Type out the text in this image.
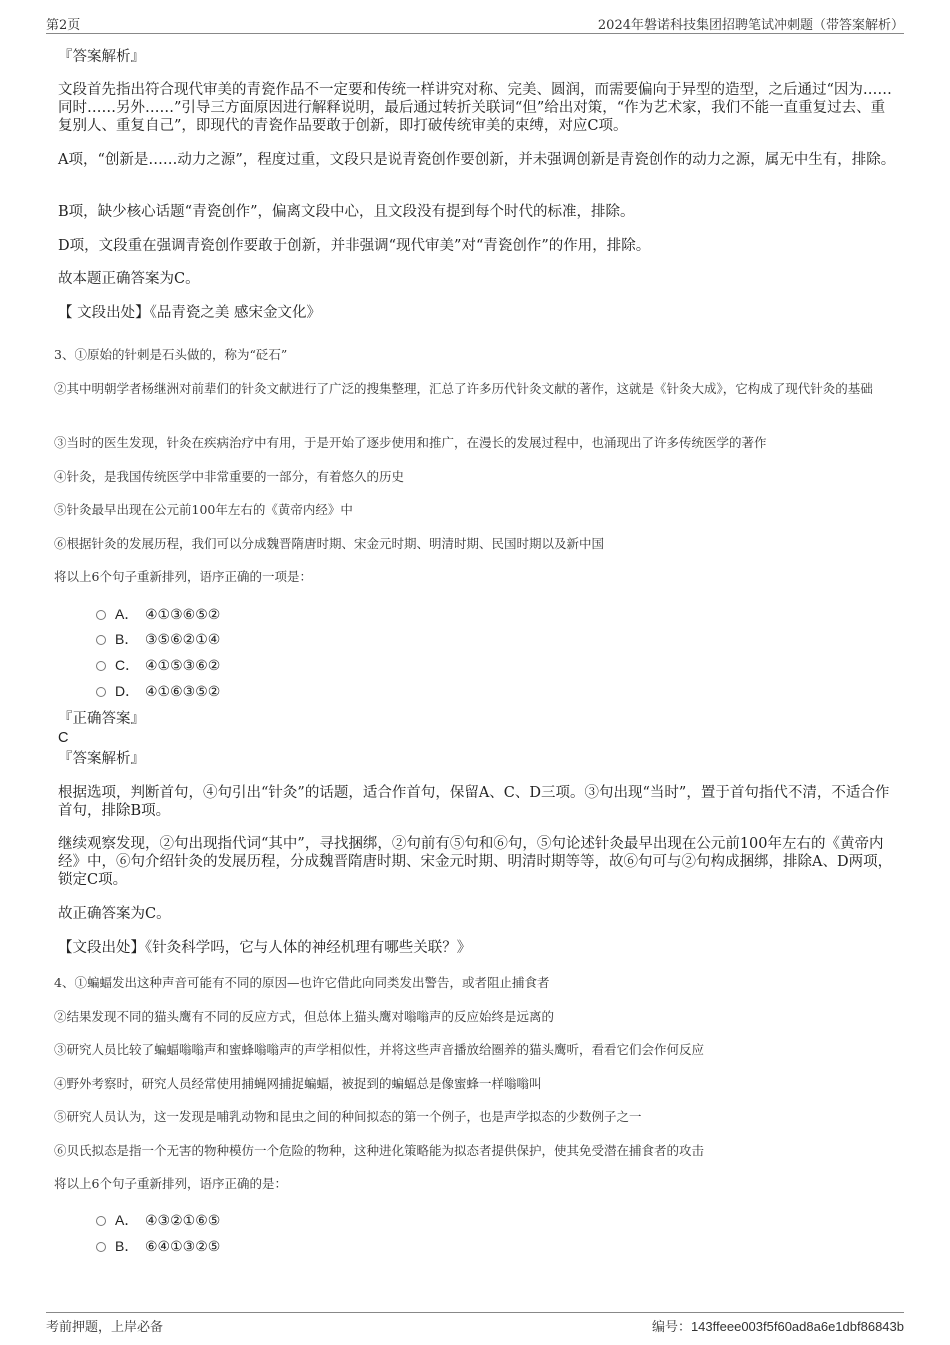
第2页	2024年磐诺科技集团招聘笔试冲刺题（带答案解析）
『答案解析』
文段首先指出符合现代审美的青瓷作品不一定要和传统一样讲究对称、完美、圆润，而需要偏向于异型的造型，之后通过“因为……同时……另外……”引导三方面原因进行解释说明，最后通过转折关联词“但”给出对策，“作为艺术家，我们不能一直重复过去、重复别人、重复自己”，即现代的青瓷作品要敢于创新，即打破传统审美的束缚，对应C项。
A项，“创新是……动力之源”，程度过重，文段只是说青瓷创作要创新，并未强调创新是青瓷创作的动力之源，属无中生有，排除。
B项，缺少核心话题“青瓷创作”，偏离文段中心，且文段没有提到每个时代的标准，排除。
D项，文段重在强调青瓷创作要敢于创新，并非强调“现代审美”对“青瓷创作”的作用，排除。
故本题正确答案为C。
【 文段出处】《品青瓷之美 感宋金文化》
3、①原始的针刺是石头做的，称为“砭石”
②其中明朝学者杨继洲对前辈们的针灸文献进行了广泛的搜集整理，汇总了许多历代针灸文献的著作，这就是《针灸大成》，它构成了现代针灸的基础
③当时的医生发现，针灸在疾病治疗中有用，于是开始了逐步使用和推广，在漫长的发展过程中，也涌现出了许多传统医学的著作
④针灸，是我国传统医学中非常重要的一部分，有着悠久的历史
⑤针灸最早出现在公元前100年左右的《黄帝内经》中
⑥根据针灸的发展历程，我们可以分成魏晋隋唐时期、宋金元时期、明清时期、民国时期以及新中国
将以上6个句子重新排列，语序正确的一项是：
A． ④①③⑥⑤②
B． ③⑤⑥②①④
C． ④①⑤③⑥②
D． ④①⑥③⑤②
『正确答案』
C
『答案解析』
根据选项，判断首句，④句引出“针灸”的话题，适合作首句，保留A、C、D三项。③句出现“当时”，置于首句指代不清，不适合作首句，排除B项。
继续观察发现，②句出现指代词“其中”，寻找捆绑，②句前有⑤句和⑥句，⑤句论述针灸最早出现在公元前100年左右的《黄帝内经》中，⑥句介绍针灸的发展历程，分成魏晋隋唐时期、宋金元时期、明清时期等等，故⑥句可与②句构成捆绑，排除A、D两项，锁定C项。
故正确答案为C。
【文段出处】《针灸科学吗，它与人体的神经机理有哪些关联？》
4、①蝙蝠发出这种声音可能有不同的原因—也许它借此向同类发出警告，或者阻止捕食者
②结果发现不同的猫头鹰有不同的反应方式，但总体上猫头鹰对嗡嗡声的反应始终是远离的
③研究人员比较了蝙蝠嗡嗡声和蜜蜂嗡嗡声的声学相似性，并将这些声音播放给圈养的猫头鹰听，看看它们会作何反应
④野外考察时，研究人员经常使用捕蝇网捕捉蝙蝠，被捉到的蝙蝠总是像蜜蜂一样嗡嗡叫
⑤研究人员认为，这一发现是哺乳动物和昆虫之间的种间拟态的第一个例子，也是声学拟态的少数例子之一
⑥贝氏拟态是指一个无害的物种模仿一个危险的物种，这种进化策略能为拟态者提供保护，使其免受潜在捕食者的攻击
将以上6个句子重新排列，语序正确的是：
A． ④③②①⑥⑤
B． ⑥④①③②⑤
考前押题，上岸必备	编号：143ffeee003f5f60ad8a6e1dbf86843b
